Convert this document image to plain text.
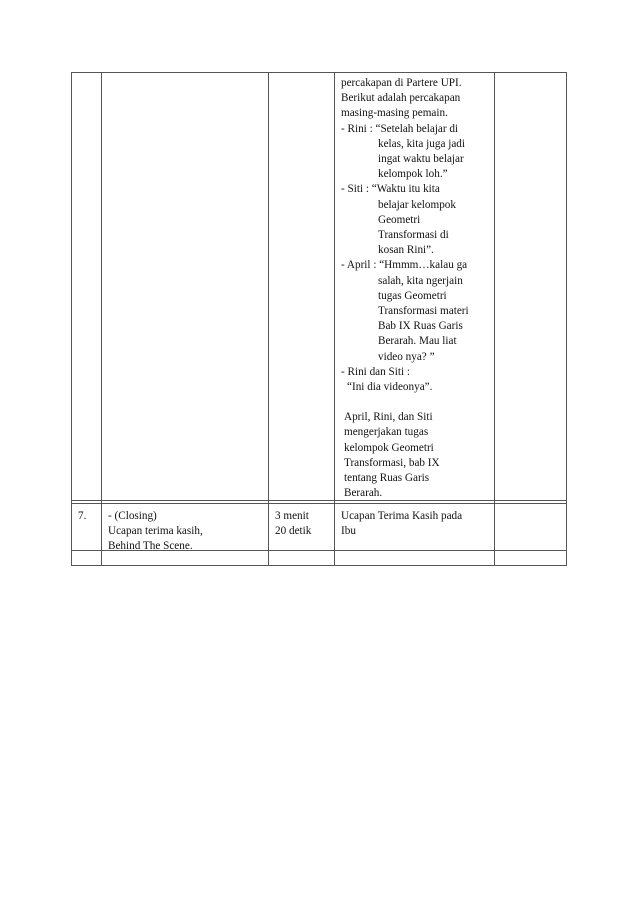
percakapan di Partere UPI.
Berikut adalah percakapan
masing-masing pemain.
- Rini : “Setelah belajar di
kelas, kita juga jadi
ingat waktu belajar
kelompok loh.”
- Siti : “Waktu itu kita
belajar kelompok
Geometri
Transformasi di
kosan Rini”.
- April : “Hmmm…kalau ga
salah, kita ngerjain
tugas Geometri
Transformasi materi
Bab IX Ruas Garis
Berarah. Mau liat
video nya? ”
- Rini dan Siti :
“Ini dia videonya”.
April, Rini, dan Siti
mengerjakan tugas
kelompok Geometri
Transformasi, bab IX
tentang Ruas Garis
Berarah.
7. - (Closing)
Ucapan terima kasih,
Behind The Scene.
3 menit
20 detik
Ucapan Terima Kasih pada
Ibu
